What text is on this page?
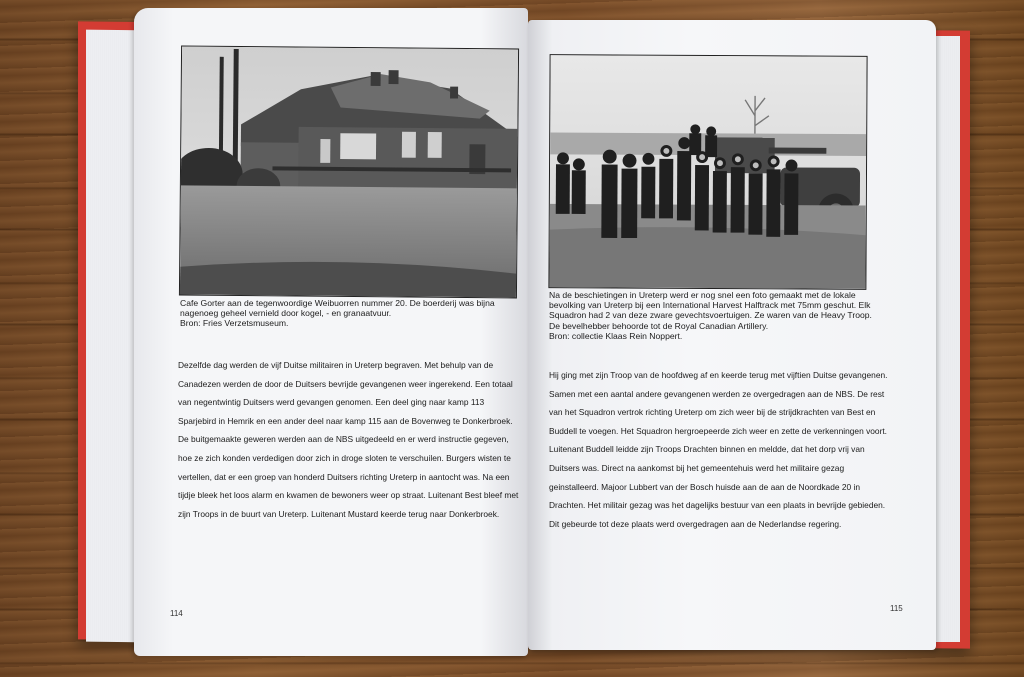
Cafe Gorter aan de tegenwoordige Weibuorren nummer 20. De boerderij was bijna
nagenoeg geheel vernield door kogel, - en granaatvuur.
Bron: Fries Verzetsmuseum.
Dezelfde dag werden de vijf Duitse militairen in Ureterp begraven. Met behulp van de
Canadezen werden de door de Duitsers bevrijde gevangenen weer ingerekend. Een totaal
van negentwintig Duitsers werd gevangen genomen. Een deel ging naar kamp 113
Sparjebird in Hemrik en een ander deel naar kamp 115 aan de Bovenweg te Donkerbroek.
De buitgemaakte geweren werden aan de NBS uitgedeeld en er werd instructie gegeven,
hoe ze zich konden verdedigen door zich in droge sloten te verschuilen. Burgers wisten te
vertellen, dat er een groep van honderd Duitsers richting Ureterp in aantocht was. Na een
tijdje bleek het loos alarm en kwamen de bewoners weer op straat. Luitenant Best bleef met
zijn Troops in de buurt van Ureterp. Luitenant Mustard keerde terug naar Donkerbroek.
114
Na de beschietingen in Ureterp werd er nog snel een foto gemaakt met de lokale
bevolking van Ureterp bij een International Harvest Halftrack met 75mm geschut. Elk
Squadron had 2 van deze zware gevechtsvoertuigen. Ze waren van de Heavy Troop.
De bevelhebber behoorde tot de Royal Canadian Artillery.
Bron: collectie Klaas Rein Noppert.
Hij ging met zijn Troop van de hoofdweg af en keerde terug met vijftien Duitse gevangenen.
Samen met een aantal andere gevangenen werden ze overgedragen aan de NBS. De rest
van het Squadron vertrok richting Ureterp om zich weer bij de strijdkrachten van Best en
Buddell te voegen. Het Squadron hergroepeerde zich weer en zette de verkenningen voort.
Luitenant Buddell leidde zijn Troops Drachten binnen en meldde, dat het dorp vrij van
Duitsers was. Direct na aankomst bij het gemeentehuis werd het militaire gezag
geinstalleerd. Majoor Lubbert van der Bosch huisde aan de aan de Noordkade 20 in
Drachten. Het militair gezag was het dagelijks bestuur van een plaats in bevrijde gebieden.
Dit gebeurde tot deze plaats werd overgedragen aan de Nederlandse regering.
115
